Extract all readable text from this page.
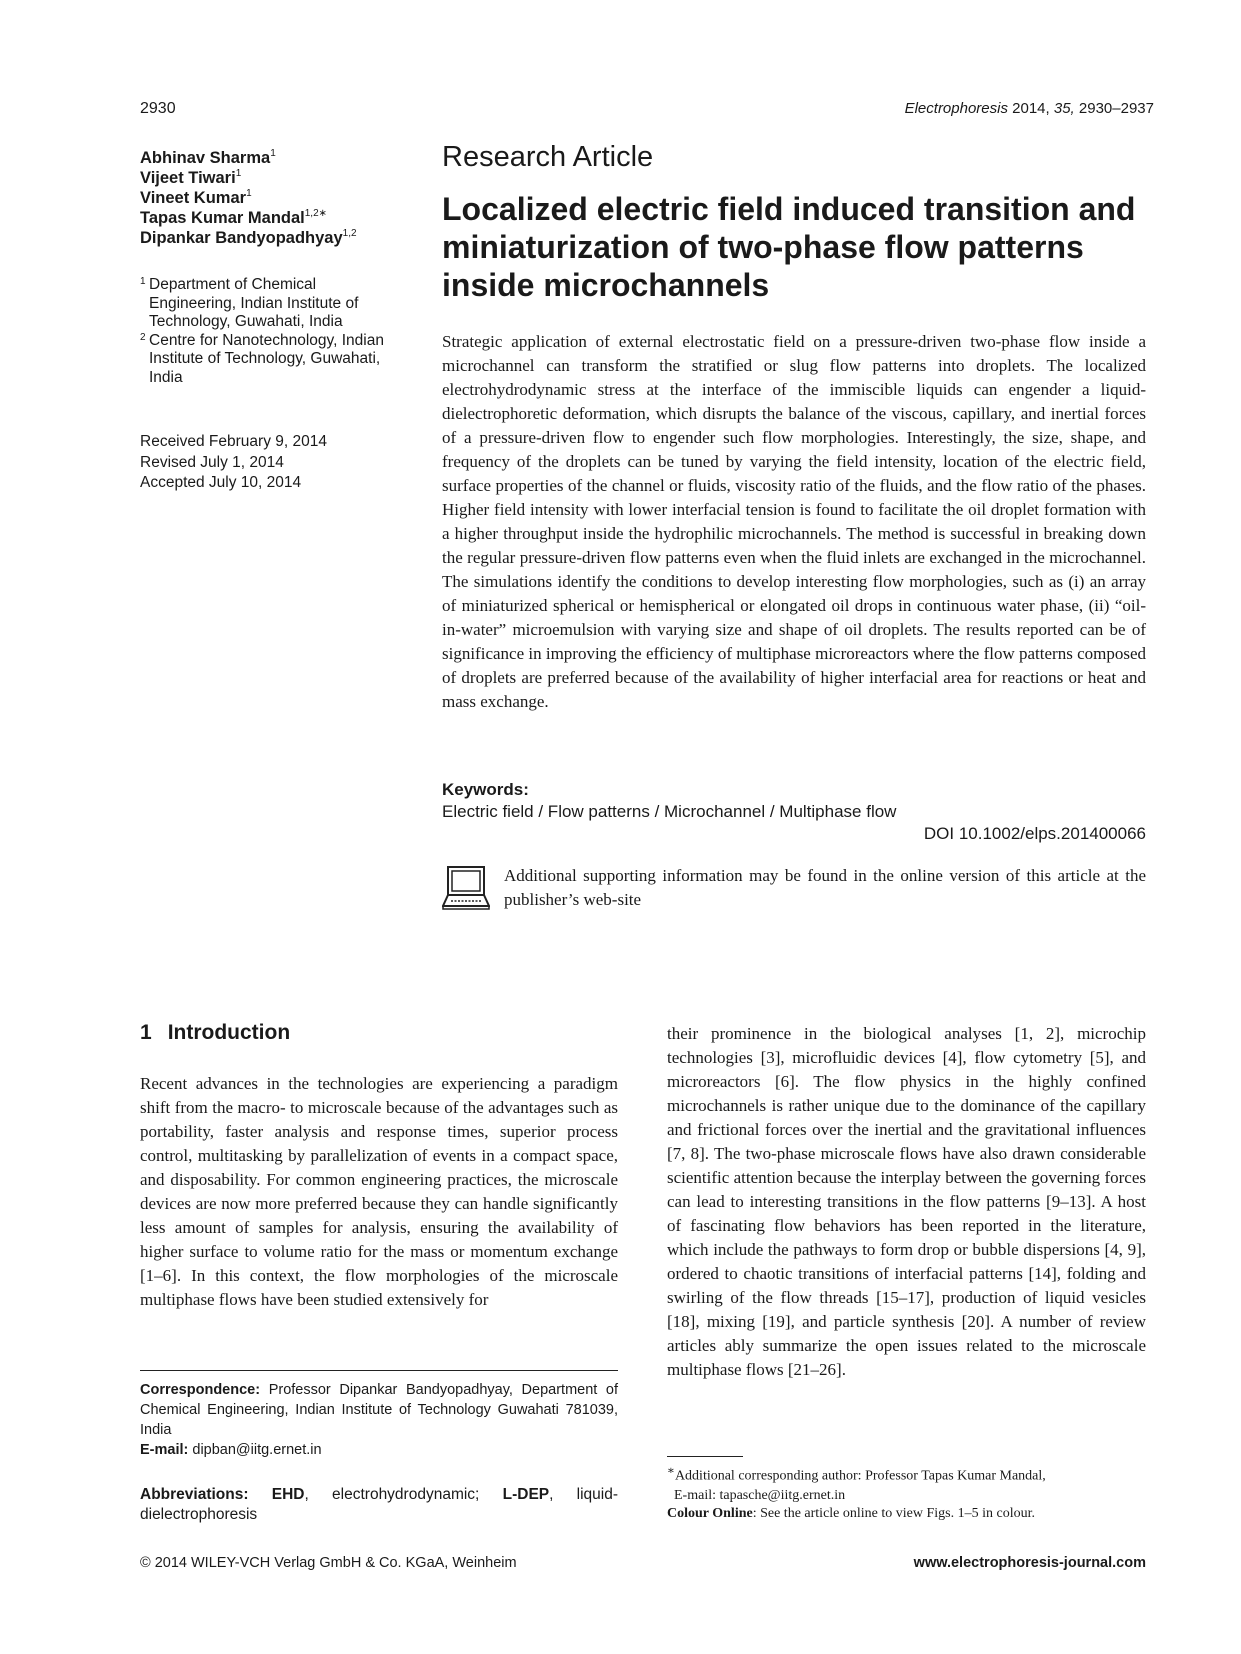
2930	Electrophoresis 2014, 35, 2930–2937
Abhinav Sharma$^1$
Vijeet Tiwari$^1$
Vineet Kumar$^1$
Tapas Kumar Mandal$^{1,2∗}$
Dipankar Bandyopadhyay$^{1,2}$
1 Department of Chemical Engineering, Indian Institute of Technology, Guwahati, India
2 Centre for Nanotechnology, Indian Institute of Technology, Guwahati, India
Received February 9, 2014
Revised July 1, 2014
Accepted July 10, 2014
Research Article
Localized electric field induced transition and miniaturization of two-phase flow patterns inside microchannels

Strategic application of external electrostatic field on a pressure-driven two-phase flow inside a microchannel can transform the stratified or slug flow patterns into droplets. The localized electrohydrodynamic stress at the interface of the immiscible liquids can engender a liquid-dielectrophoretic deformation, which disrupts the balance of the viscous, capillary, and inertial forces of a pressure-driven flow to engender such flow morphologies. Interestingly, the size, shape, and frequency of the droplets can be tuned by varying the field intensity, location of the electric field, surface properties of the channel or fluids, viscosity ratio of the fluids, and the flow ratio of the phases. Higher field intensity with lower interfacial tension is found to facilitate the oil droplet formation with a higher throughput inside the hydrophilic microchannels. The method is successful in breaking down the regular pressure-driven flow patterns even when the fluid inlets are exchanged in the microchannel. The simulations identify the conditions to develop interesting flow morphologies, such as (i) an array of miniaturized spherical or hemispherical or elongated oil drops in continuous water phase, (ii) “oil-in-water” microemulsion with varying size and shape of oil droplets. The results reported can be of significance in improving the efficiency of multiphase microreactors where the flow patterns composed of droplets are preferred because of the availability of higher interfacial area for reactions or heat and mass exchange.

Keywords:
Electric field / Flow patterns / Microchannel / Multiphase flow
DOI 10.1002/elps.201400066
Additional supporting information may be found in the online version of this article at the publisher’s web-site
1 Introduction

Recent advances in the technologies are experiencing a paradigm shift from the macro- to microscale because of the advantages such as portability, faster analysis and response times, superior process control, multitasking by parallelization of events in a compact space, and disposability. For common engineering practices, the microscale devices are now more preferred because they can handle significantly less amount of samples for analysis, ensuring the availability of higher surface to volume ratio for the mass or momentum exchange [1–6]. In this context, the flow morphologies of the microscale multiphase flows have been studied extensively for

their prominence in the biological analyses [1, 2], microchip technologies [3], microfluidic devices [4], flow cytometry [5], and microreactors [6]. The flow physics in the highly confined microchannels is rather unique due to the dominance of the capillary and frictional forces over the inertial and the gravitational influences [7, 8]. The two-phase microscale flows have also drawn considerable scientific attention because the interplay between the governing forces can lead to interesting transitions in the flow patterns [9–13]. A host of fascinating flow behaviors has been reported in the literature, which include the pathways to form drop or bubble dispersions [4, 9], ordered to chaotic transitions of interfacial patterns [14], folding and swirling of the flow threads [15–17], production of liquid vesicles [18], mixing [19], and particle synthesis [20]. A number of review articles ably summarize the open issues related to the microscale multiphase flows [21–26].

Correspondence: Professor Dipankar Bandyopadhyay, Department of Chemical Engineering, Indian Institute of Technology Guwahati 781039, India
E-mail: dipban@iitg.ernet.in
Abbreviations: EHD, electrohydrodynamic; L-DEP, liquid-dielectrophoresis
∗Additional corresponding author: Professor Tapas Kumar Mandal,
E-mail: tapasche@iitg.ernet.in
Colour Online: See the article online to view Figs. 1–5 in colour.
© 2014 WILEY-VCH Verlag GmbH & Co. KGaA, Weinheim	www.electrophoresis-journal.com
